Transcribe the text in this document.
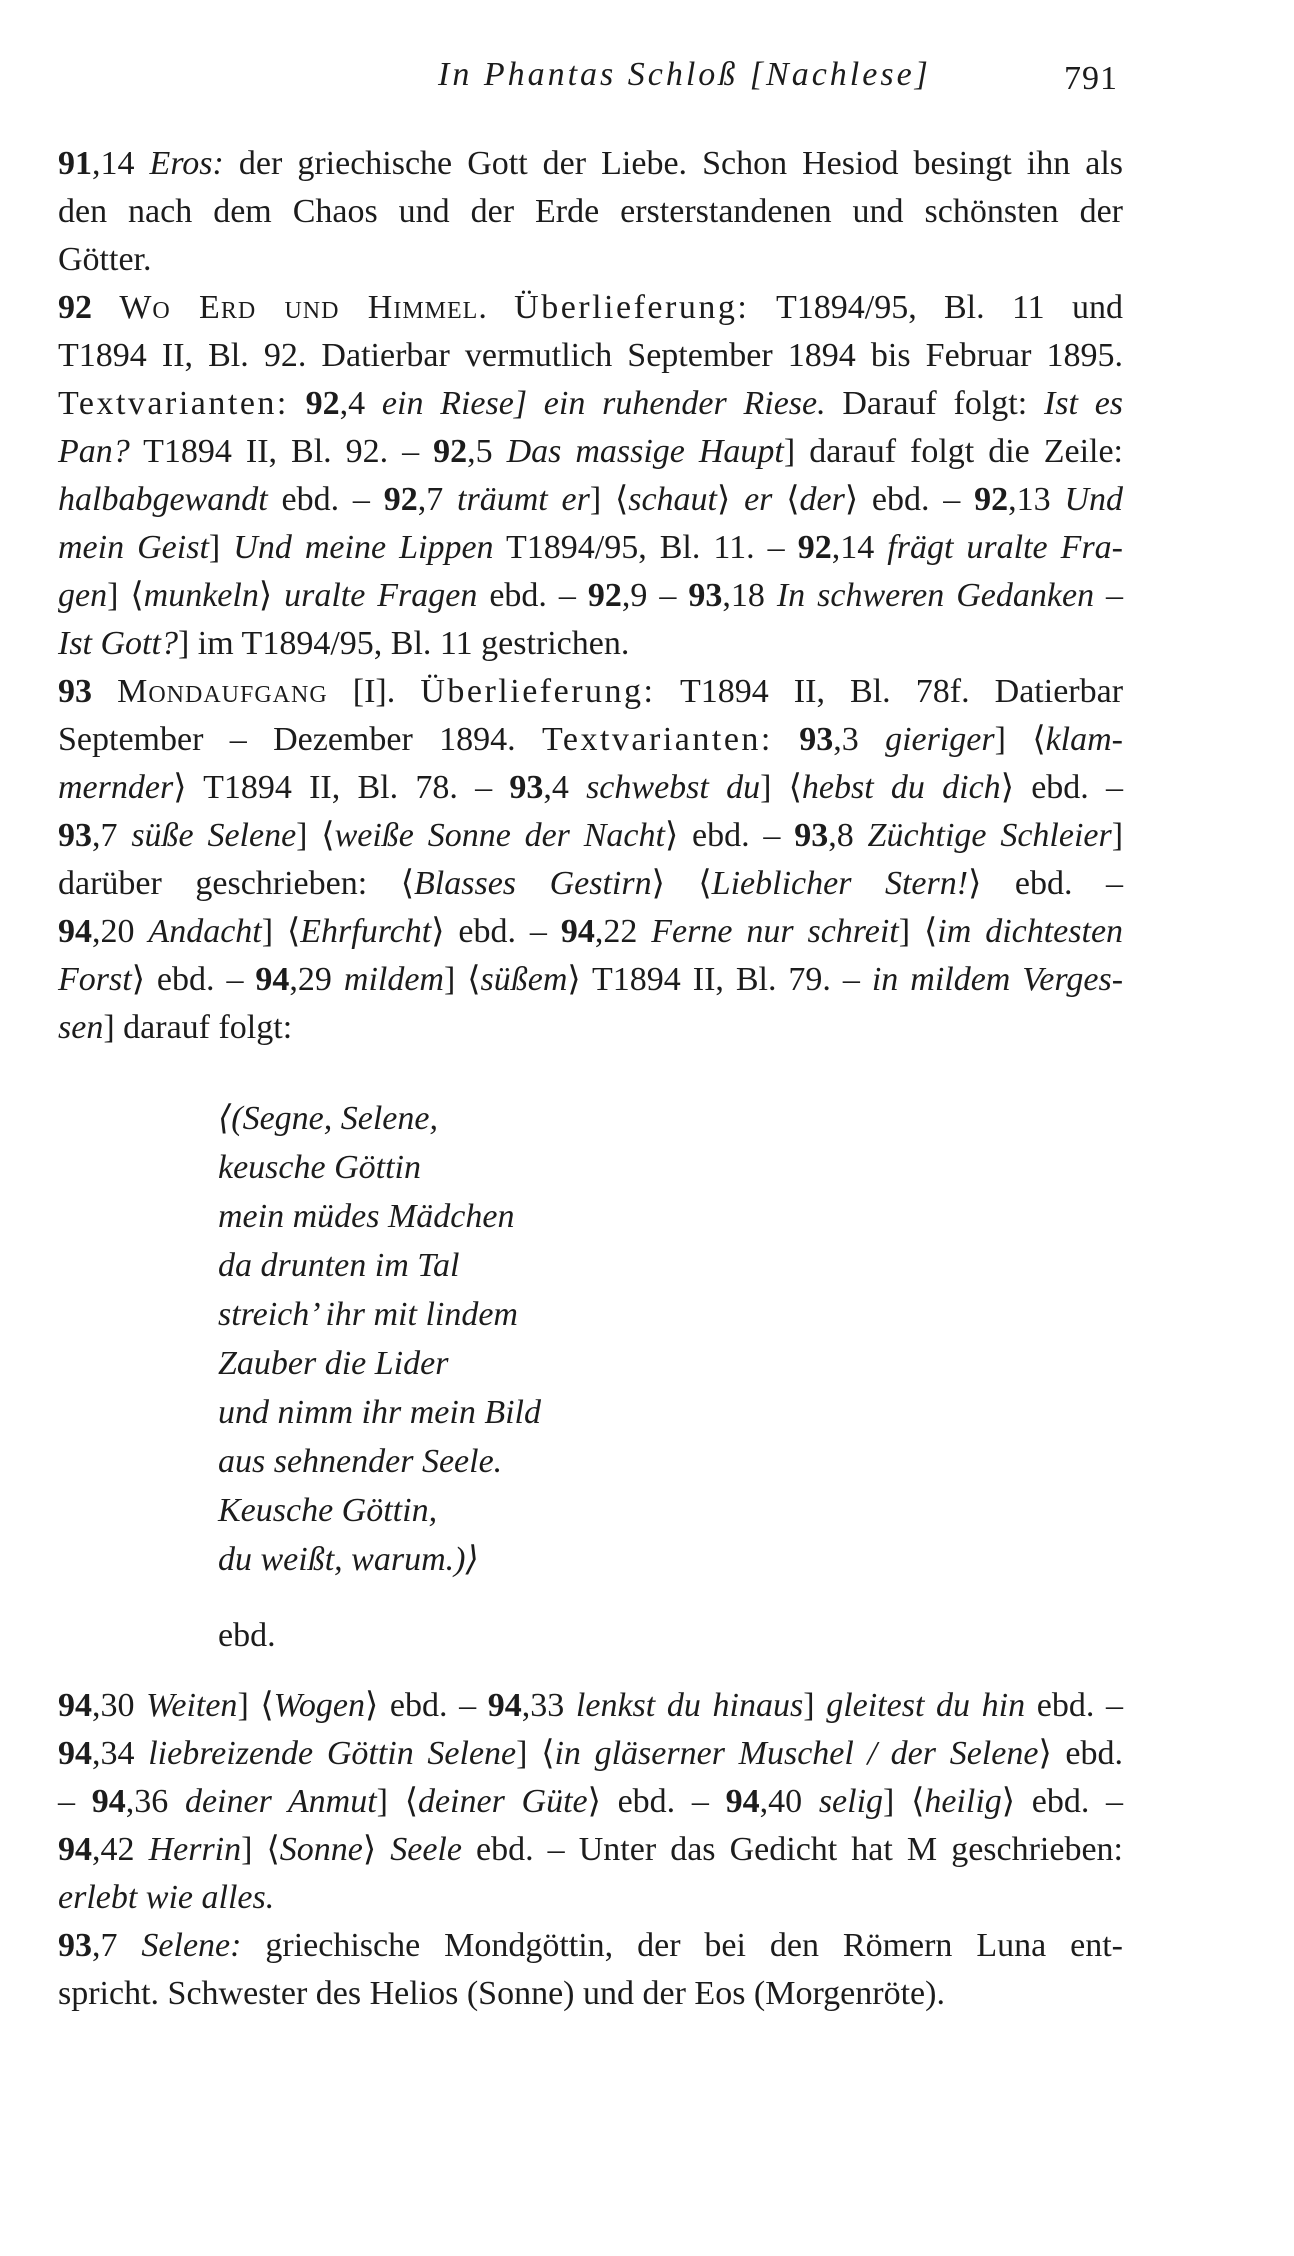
In Phantas Schloß [Nachlese]	791
91,14 Eros: der griechische Gott der Liebe. Schon Hesiod besingt ihn als
den nach dem Chaos und der Erde ersterstandenen und schönsten der
Götter.
92 Wo Erd und Himmel. Überlieferung: T1894/95, Bl. 11 und
T1894 II, Bl. 92. Datierbar vermutlich September 1894 bis Februar 1895.
Textvarianten: 92,4 ein Riese] ein ruhender Riese. Darauf folgt: Ist es
Pan? T1894 II, Bl. 92. – 92,5 Das massige Haupt] darauf folgt die Zeile:
halbabgewandt ebd. – 92,7 träumt er] ⟨schaut⟩ er ⟨der⟩ ebd. – 92,13 Und
mein Geist] Und meine Lippen T1894/95, Bl. 11. – 92,14 frägt uralte Fra-
gen] ⟨munkeln⟩ uralte Fragen ebd. – 92,9 – 93,18 In schweren Gedanken –
Ist Gott?] im T1894/95, Bl. 11 gestrichen.
93 Mondaufgang [I]. Überlieferung: T1894 II, Bl. 78f. Datierbar
September – Dezember 1894. Textvarianten: 93,3 gieriger] ⟨klam-
mernder⟩ T1894 II, Bl. 78. – 93,4 schwebst du] ⟨hebst du dich⟩ ebd. –
93,7 süße Selene] ⟨weiße Sonne der Nacht⟩ ebd. – 93,8 Züchtige Schleier]
darüber geschrieben: ⟨Blasses Gestirn⟩ ⟨Lieblicher Stern!⟩ ebd. –
94,20 Andacht] ⟨Ehrfurcht⟩ ebd. – 94,22 Ferne nur schreit] ⟨im dichtesten
Forst⟩ ebd. – 94,29 mildem] ⟨süßem⟩ T1894 II, Bl. 79. – in mildem Verges-
sen] darauf folgt:
⟨(Segne, Selene,
keusche Göttin
mein müdes Mädchen
da drunten im Tal
streich’ ihr mit lindem
Zauber die Lider
und nimm ihr mein Bild
aus sehnender Seele.
Keusche Göttin,
du weißt, warum.)⟩
ebd.
94,30 Weiten] ⟨Wogen⟩ ebd. – 94,33 lenkst du hinaus] gleitest du hin ebd. –
94,34 liebreizende Göttin Selene] ⟨in gläserner Muschel / der Selene⟩ ebd.
– 94,36 deiner Anmut] ⟨deiner Güte⟩ ebd. – 94,40 selig] ⟨heilig⟩ ebd. –
94,42 Herrin] ⟨Sonne⟩ Seele ebd. – Unter das Gedicht hat M geschrieben:
erlebt wie alles.
93,7 Selene: griechische Mondgöttin, der bei den Römern Luna ent-
spricht. Schwester des Helios (Sonne) und der Eos (Morgenröte).
